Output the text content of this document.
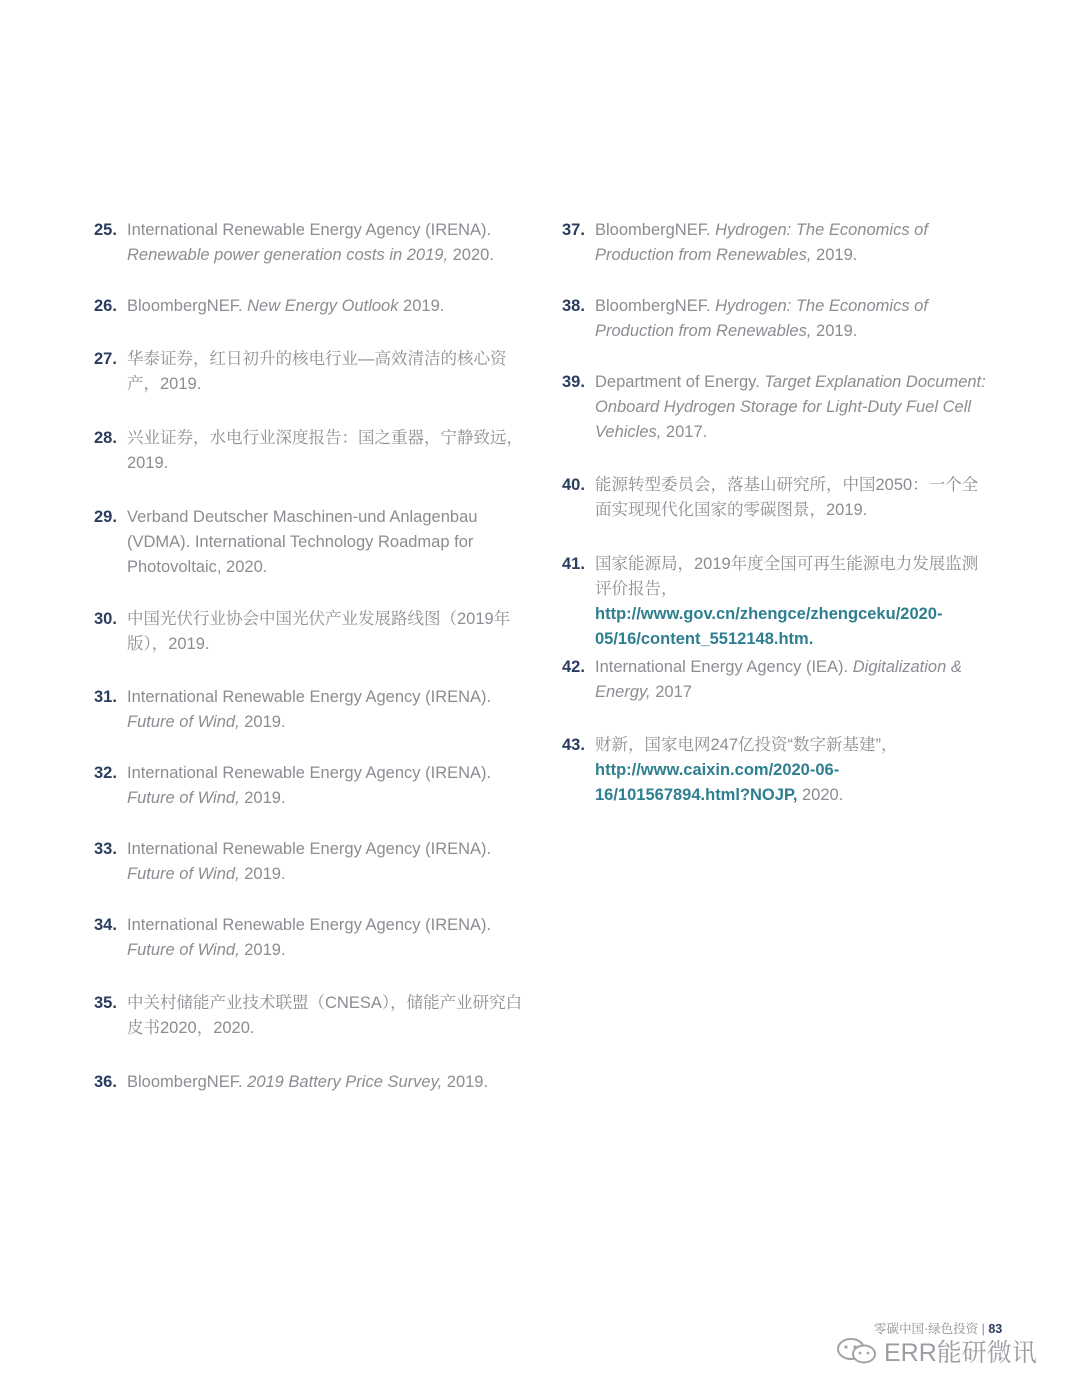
25. International Renewable Energy Agency (IRENA). Renewable power generation costs in 2019, 2020.
26. BloombergNEF. New Energy Outlook 2019.
27. 华泰证券，红日初升的核电行业—高效清洁的核心资产，2019.
28. 兴业证券，水电行业深度报告：国之重器，宁静致远，2019.
29. Verband Deutscher Maschinen-und Anlagenbau (VDMA). International Technology Roadmap for Photovoltaic, 2020.
30. 中国光伏行业协会中国光伏产业发展路线图（2019年版），2019.
31. International Renewable Energy Agency (IRENA). Future of Wind, 2019.
32. International Renewable Energy Agency (IRENA). Future of Wind, 2019.
33. International Renewable Energy Agency (IRENA). Future of Wind, 2019.
34. International Renewable Energy Agency (IRENA). Future of Wind, 2019.
35. 中关村储能产业技术联盟（CNESA），储能产业研究白皮书2020，2020.
36. BloombergNEF. 2019 Battery Price Survey, 2019.
37. BloombergNEF. Hydrogen: The Economics of Production from Renewables, 2019.
38. BloombergNEF. Hydrogen: The Economics of Production from Renewables, 2019.
39. Department of Energy. Target Explanation Document: Onboard Hydrogen Storage for Light-Duty Fuel Cell Vehicles, 2017.
40. 能源转型委员会，落基山研究所，中国2050：一个全面实现现代化国家的零碳图景，2019.
41. 国家能源局，2019年度全国可再生能源电力发展监测评价报告，http://www.gov.cn/zhengce/zhengceku/2020-05/16/content_5512148.htm.
42. International Energy Agency (IEA). Digitalization & Energy, 2017
43. 财新，国家电网247亿投资“数字新基建”，http://www.caixin.com/2020-06-16/101567894.html?NOJP, 2020.
零碳中国·绿色投资 | 83
ERR能研微讯
